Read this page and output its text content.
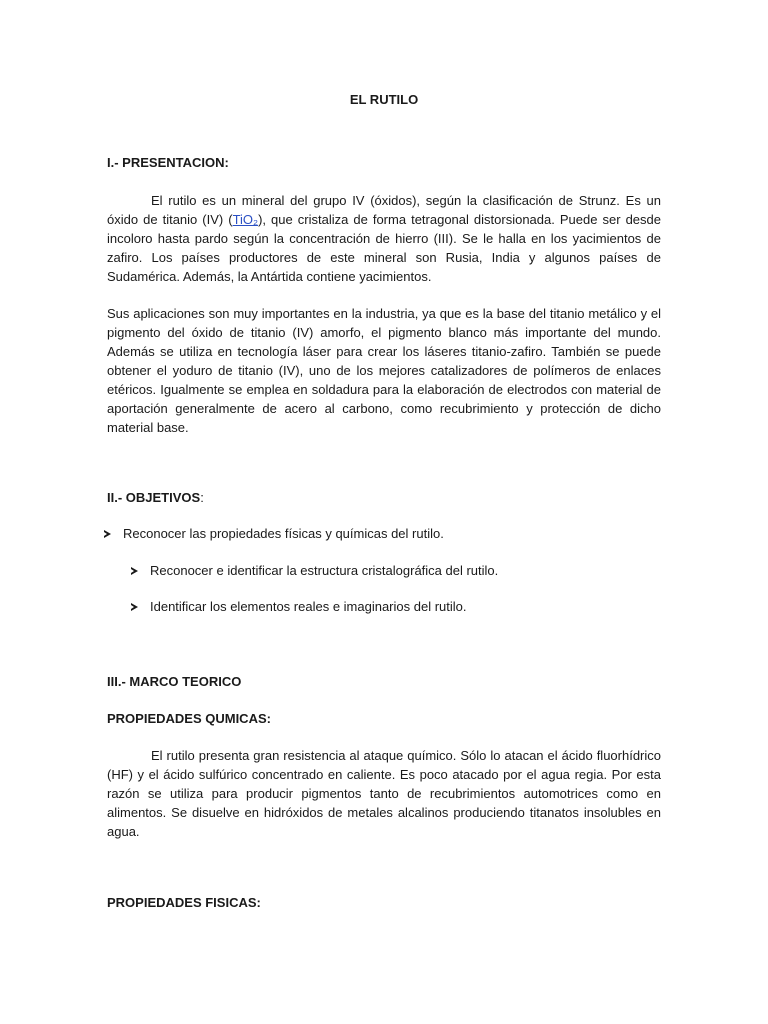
EL RUTILO
I.- PRESENTACION:
El rutilo es un mineral del grupo IV (óxidos), según la clasificación de Strunz. Es un óxido de titanio (IV) (TiO₂), que cristaliza de forma tetragonal distorsionada. Puede ser desde incoloro hasta pardo según la concentración de hierro (III). Se le halla en los yacimientos de zafiro. Los países productores de este mineral son Rusia, India y algunos países de Sudamérica. Además, la Antártida contiene yacimientos.
Sus aplicaciones son muy importantes en la industria, ya que es la base del titanio metálico y el pigmento del óxido de titanio (IV) amorfo, el pigmento blanco más importante del mundo. Además se utiliza en tecnología láser para crear los láseres titanio-zafiro. También se puede obtener el yoduro de titanio (IV), uno de los mejores catalizadores de polímeros de enlaces etéricos. Igualmente se emplea en soldadura para la elaboración de electrodos con material de aportación generalmente de acero al carbono, como recubrimiento y protección de dicho material base.
II.- OBJETIVOS:
Reconocer las propiedades físicas y químicas del rutilo.
Reconocer e identificar la estructura cristalográfica del rutilo.
Identificar los elementos reales e imaginarios del rutilo.
III.- MARCO TEORICO
PROPIEDADES QUMICAS:
El rutilo presenta gran resistencia al ataque químico. Sólo lo atacan el ácido fluorhídrico (HF) y el ácido sulfúrico concentrado en caliente. Es poco atacado por el agua regia. Por esta razón se utiliza para producir pigmentos tanto de recubrimientos automotrices como en alimentos. Se disuelve en hidróxidos de metales alcalinos produciendo titanatos insolubles en agua.
PROPIEDADES FISICAS:
